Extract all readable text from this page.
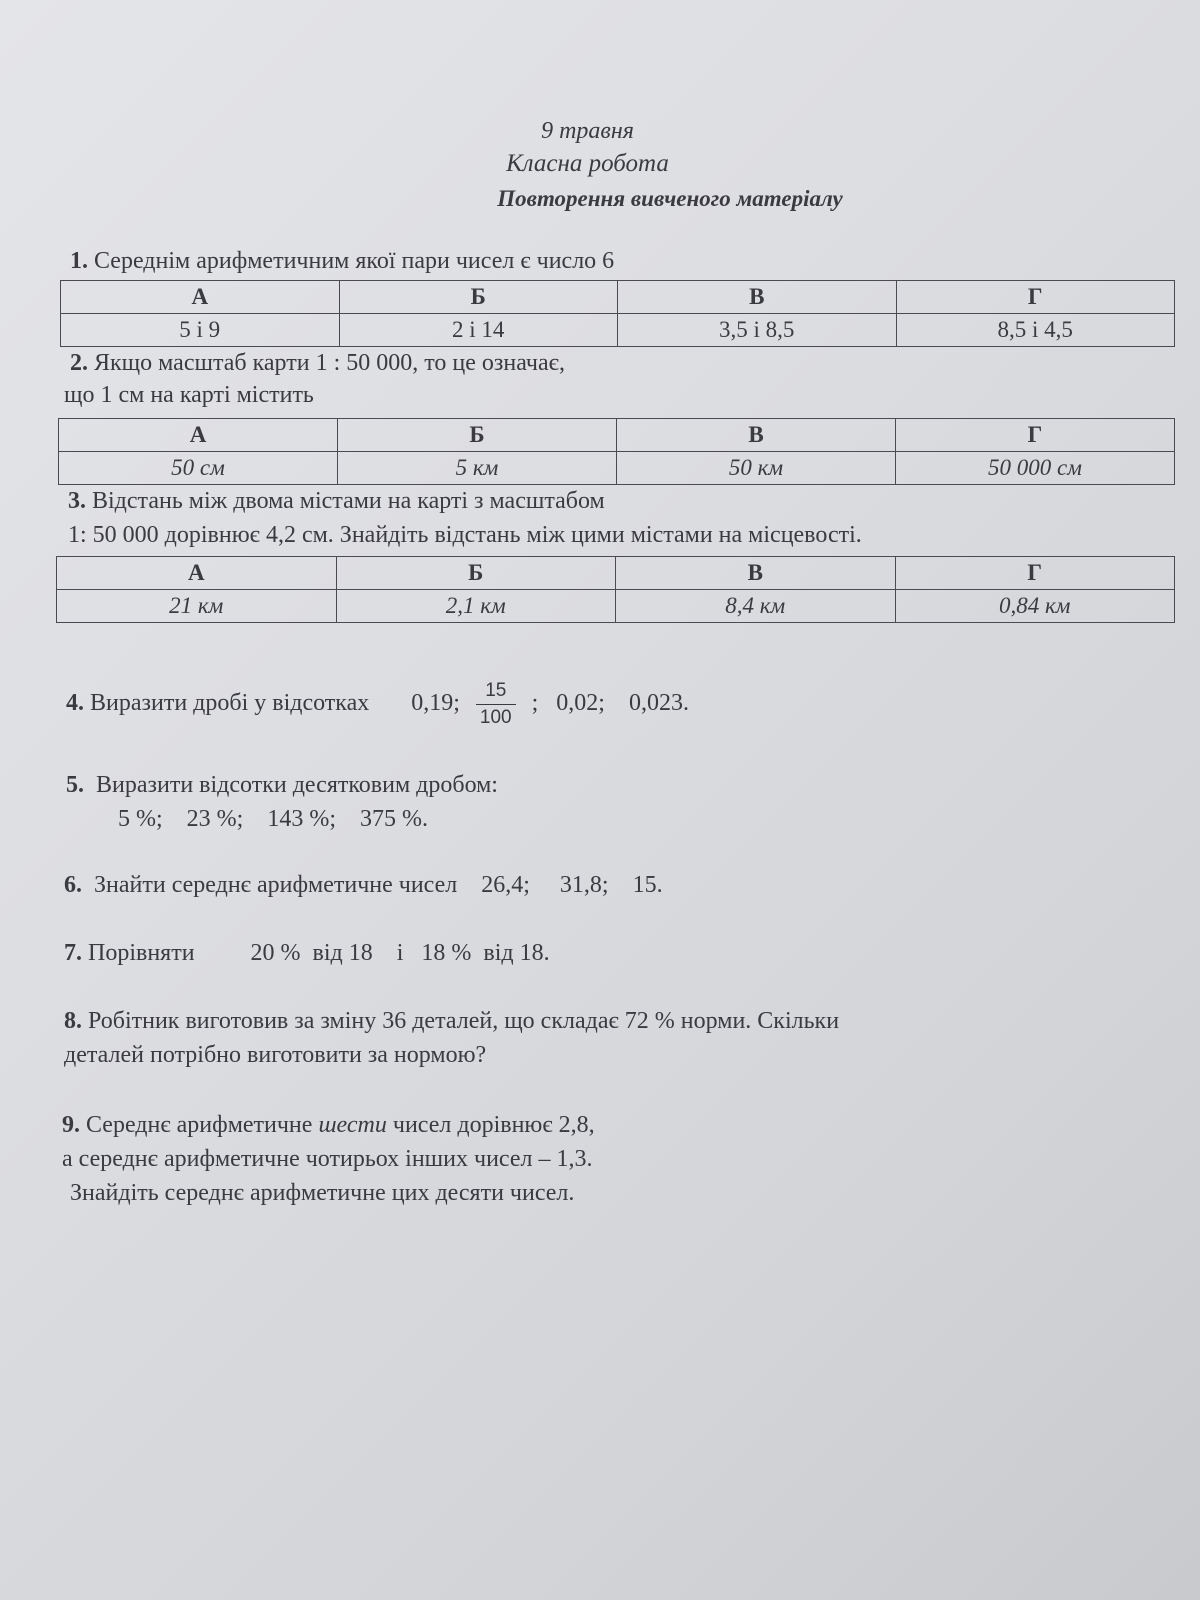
9 травня
Класна робота
Повторення вивченого матеріалу
1. Середнім арифметичним якої пари чисел є число 6
А	Б	В	Г
5 і 9	2 і 14	3,5 і 8,5	8,5 і 4,5
2. Якщо масштаб карти 1 : 50 000, то це означає,
що 1 см на карті містить
А	Б	В	Г
50 см	5 км	50 км	50 000 см
3. Відстань між двома містами на карті з масштабом
1: 50 000 дорівнює 4,2 см. Знайдіть відстань між цими містами на місцевості.
А	Б	В	Г
21 км	2,1 км	8,4 км	0,84 км
4. Виразити дробі у відсотках 0,19; $\frac{15}{100}$ ;   0,02;    0,023.
5. Виразити відсотки десятковим дробом:
5 %;    23 %;    143 %;    375 %.
6. Знайти середнє арифметичне чисел 26,4;     31,8;    15.
7. Порівняти 20 %  від 18    і   18 %  від 18.
8. Робітник виготовив за зміну 36 деталей, що складає 72 % норми. Скільки
деталей потрібно виготовити за нормою?
9. Середнє арифметичне шести чисел дорівнює 2,8,
а середнє арифметичне чотирьох інших чисел – 1,3.
Знайдіть середнє арифметичне цих десяти чисел.
